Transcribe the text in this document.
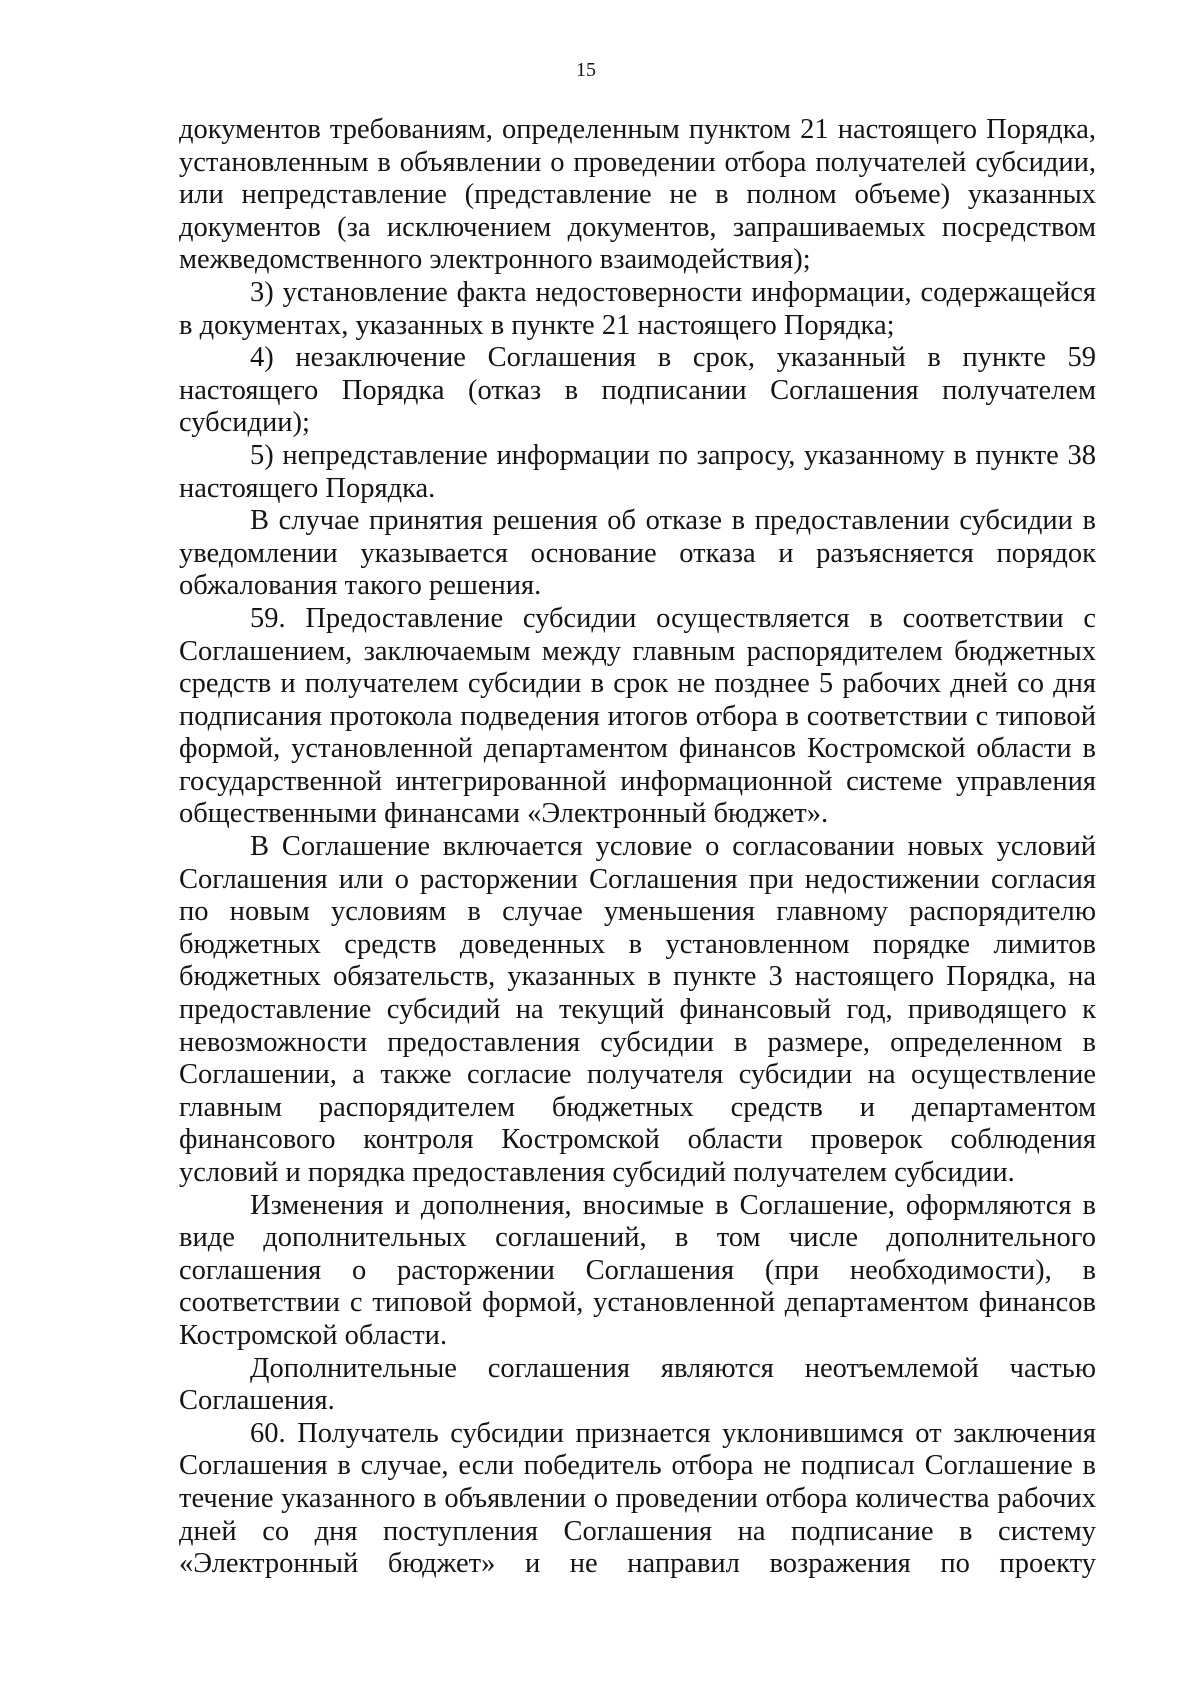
15

документов требованиям, определенным пунктом 21 настоящего Порядка, установленным в объявлении о проведении отбора получателей субсидии, или непредставление (представление не в полном объеме) указанных документов (за исключением документов, запрашиваемых посредством межведомственного электронного взаимодействия);

3) установление факта недостоверности информации, содержащейся в документах, указанных в пункте 21 настоящего Порядка;

4) незаключение Соглашения в срок, указанный в пункте 59 настоящего Порядка (отказ в подписании Соглашения получателем субсидии);

5) непредставление информации по запросу, указанному в пункте 38 настоящего Порядка.

В случае принятия решения об отказе в предоставлении субсидии в уведомлении указывается основание отказа и разъясняется порядок обжалования такого решения.

59. Предоставление субсидии осуществляется в соответствии с Соглашением, заключаемым между главным распорядителем бюджетных средств и получателем субсидии в срок не позднее 5 рабочих дней со дня подписания протокола подведения итогов отбора в соответствии с типовой формой, установленной департаментом финансов Костромской области в государственной интегрированной информационной системе управления общественными финансами «Электронный бюджет».

В Соглашение включается условие о согласовании новых условий Соглашения или о расторжении Соглашения при недостижении согласия по новым условиям в случае уменьшения главному распорядителю бюджетных средств доведенных в установленном порядке лимитов бюджетных обязательств, указанных в пункте 3 настоящего Порядка, на предоставление субсидий на текущий финансовый год, приводящего к невозможности предоставления субсидии в размере, определенном в Соглашении, а также согласие получателя субсидии на осуществление главным распорядителем бюджетных средств и департаментом финансового контроля Костромской области проверок соблюдения условий и порядка предоставления субсидий получателем субсидии.

Изменения и дополнения, вносимые в Соглашение, оформляются в виде дополнительных соглашений, в том числе дополнительного соглашения о расторжении Соглашения (при необходимости), в соответствии с типовой формой, установленной департаментом финансов Костромской области.

Дополнительные соглашения являются неотъемлемой частью Соглашения.

60. Получатель субсидии признается уклонившимся от заключения Соглашения в случае, если победитель отбора не подписал Соглашение в течение указанного в объявлении о проведении отбора количества рабочих дней со дня поступления Соглашения на подписание в систему «Электронный бюджет» и не направил возражения по проекту
